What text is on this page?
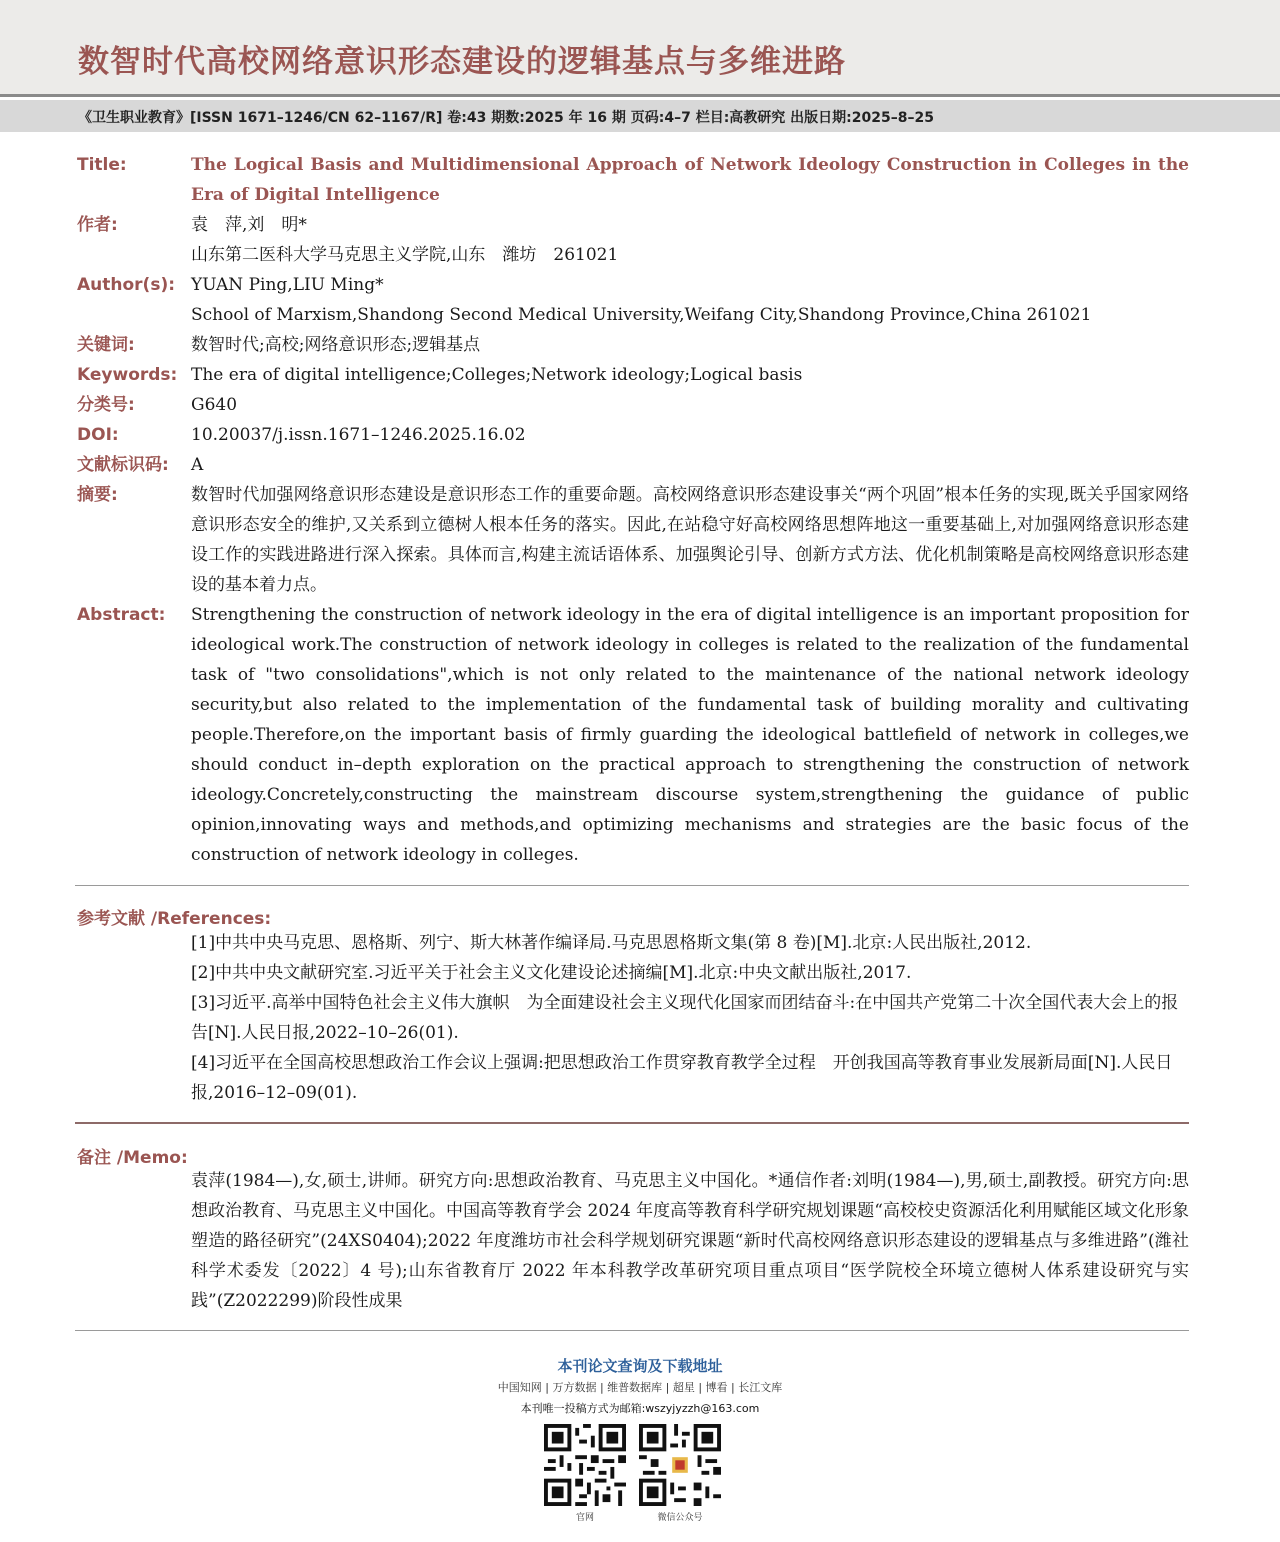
数智时代高校网络意识形态建设的逻辑基点与多维进路
《卫生职业教育》[ISSN 1671–1246/CN 62–1167/R] 卷:43 期数:2025 年 16 期 页码:4–7 栏目:高教研究 出版日期:2025–8–25
Title:	The Logical Basis and Multidimensional Approach of Network Ideology Construction in Colleges in the Era of Digital Intelligence
作者:	袁　萍,刘　明*
山东第二医科大学马克思主义学院,山东　潍坊　261021
Author(s): YUAN Ping,LIU Ming*
School of Marxism,Shandong Second Medical University,Weifang City,Shandong Province,China 261021
关键词:	数智时代;高校;网络意识形态;逻辑基点
Keywords: The era of digital intelligence;Colleges;Network ideology;Logical basis
分类号:	G640
DOI:	10.20037/j.issn.1671–1246.2025.16.02
文献标识码: A
摘要:	数智时代加强网络意识形态建设是意识形态工作的重要命题。高校网络意识形态建设事关“两个巩固”根本任务的实现,既关乎国家网络意识形态安全的维护,又关系到立德树人根本任务的落实。因此,在站稳守好高校网络思想阵地这一重要基础上,对加强网络意识形态建设工作的实践进路进行深入探索。具体而言,构建主流话语体系、加强舆论引导、创新方式方法、优化机制策略是高校网络意识形态建设的基本着力点。
Abstract: Strengthening the construction of network ideology in the era of digital intelligence is an important proposition for ideological work.The construction of network ideology in colleges is related to the realization of the fundamental task of "two consolidations",which is not only related to the maintenance of the national network ideology security,but also related to the implementation of the fundamental task of building morality and cultivating people.Therefore,on the important basis of firmly guarding the ideological battlefield of network in colleges,we should conduct in–depth exploration on the practical approach to strengthening the construction of network ideology.Concretely,constructing the mainstream discourse system,strengthening the guidance of public opinion,innovating ways and methods,and optimizing mechanisms and strategies are the basic focus of the construction of network ideology in colleges.
参考文献 /References:
[1]中共中央马克思、恩格斯、列宁、斯大林著作编译局.马克思恩格斯文集(第 8 卷)[M].北京:人民出版社,2012.
[2]中共中央文献研究室.习近平关于社会主义文化建设论述摘编[M].北京:中央文献出版社,2017.
[3]习近平.高举中国特色社会主义伟大旗帜　为全面建设社会主义现代化国家而团结奋斗:在中国共产党第二十次全国代表大会上的报告[N].人民日报,2022–10–26(01).
[4]习近平在全国高校思想政治工作会议上强调:把思想政治工作贯穿教育教学全过程　开创我国高等教育事业发展新局面[N].人民日报,2016–12–09(01).
备注 /Memo:
袁萍(1984—),女,硕士,讲师。研究方向:思想政治教育、马克思主义中国化。*通信作者:刘明(1984—),男,硕士,副教授。研究方向:思想政治教育、马克思主义中国化。中国高等教育学会 2024 年度高等教育科学研究规划课题“高校校史资源活化利用赋能区域文化形象塑造的路径研究”(24XS0404);2022 年度潍坊市社会科学规划研究课题“新时代高校网络意识形态建设的逻辑基点与多维进路”(潍社科学术委发〔2022〕4 号);山东省教育厅 2022 年本科教学改革研究项目重点项目“医学院校全环境立德树人体系建设研究与实践”(Z2022299)阶段性成果
本刊论文查询及下载地址
中国知网 | 万方数据 | 维普数据库 | 超星 | 博看 | 长江文库
本刊唯一投稿方式为邮箱:wszyjyzzh@163.com
官网	微信公众号
